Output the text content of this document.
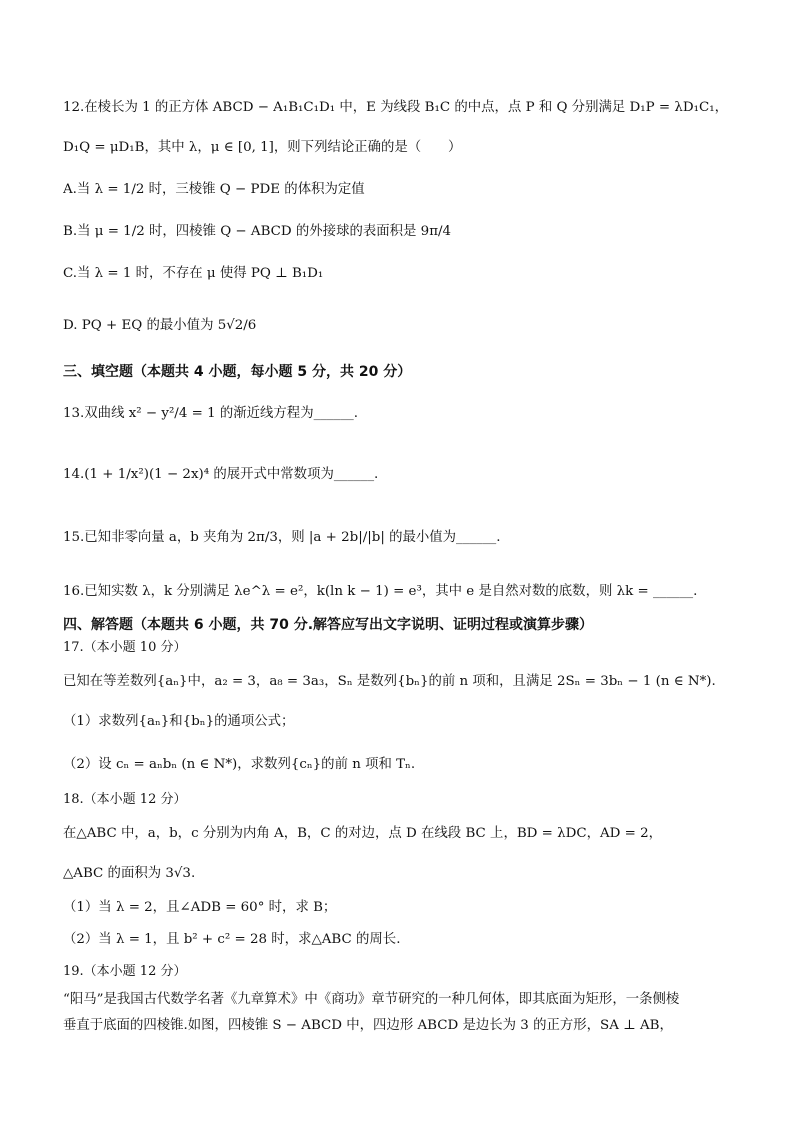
12.在棱长为 1 的正方体 ABCD − A₁B₁C₁D₁ 中，E 为线段 B₁C 的中点，点 P 和 Q 分别满足 D₁P = λD₁C₁，
D₁Q = μD₁B，其中 λ，μ ∈ [0, 1]，则下列结论正确的是（　　）
A.当 λ = 1/2 时，三棱锥 Q − PDE 的体积为定值
B.当 μ = 1/2 时，四棱锥 Q − ABCD 的外接球的表面积是 9π/4
C.当 λ = 1 时，不存在 μ 使得 PQ ⊥ B₁D₁
D. PQ + EQ 的最小值为 5√2/6
三、填空题（本题共 4 小题，每小题 5 分，共 20 分）
13.双曲线 x² − y²/4 = 1 的渐近线方程为______.
14.(1 + 1/x²)(1 − 2x)⁴ 的展开式中常数项为______.
15.已知非零向量 a，b 夹角为 2π/3，则 |a + 2b|/|b| 的最小值为______.
16.已知实数 λ，k 分别满足 λe^λ = e²，k(ln k − 1) = e³，其中 e 是自然对数的底数，则 λk = ______.
四、解答题（本题共 6 小题，共 70 分.解答应写出文字说明、证明过程或演算步骤）
17.（本小题 10 分）
已知在等差数列{aₙ}中，a₂ = 3，a₈ = 3a₃，Sₙ 是数列{bₙ}的前 n 项和，且满足 2Sₙ = 3bₙ − 1 (n ∈ N*).
（1）求数列{aₙ}和{bₙ}的通项公式；
（2）设 cₙ = aₙbₙ (n ∈ N*)，求数列{cₙ}的前 n 项和 Tₙ.
18.（本小题 12 分）
在△ABC 中，a，b，c 分别为内角 A，B，C 的对边，点 D 在线段 BC 上，BD = λDC，AD = 2，
△ABC 的面积为 3√3.
（1）当 λ = 2，且∠ADB = 60° 时，求 B；
（2）当 λ = 1，且 b² + c² = 28 时，求△ABC 的周长.
19.（本小题 12 分）
“阳马”是我国古代数学名著《九章算术》中《商功》章节研究的一种几何体，即其底面为矩形，一条侧棱
垂直于底面的四棱锥.如图，四棱锥 S − ABCD 中，四边形 ABCD 是边长为 3 的正方形，SA ⊥ AB，
